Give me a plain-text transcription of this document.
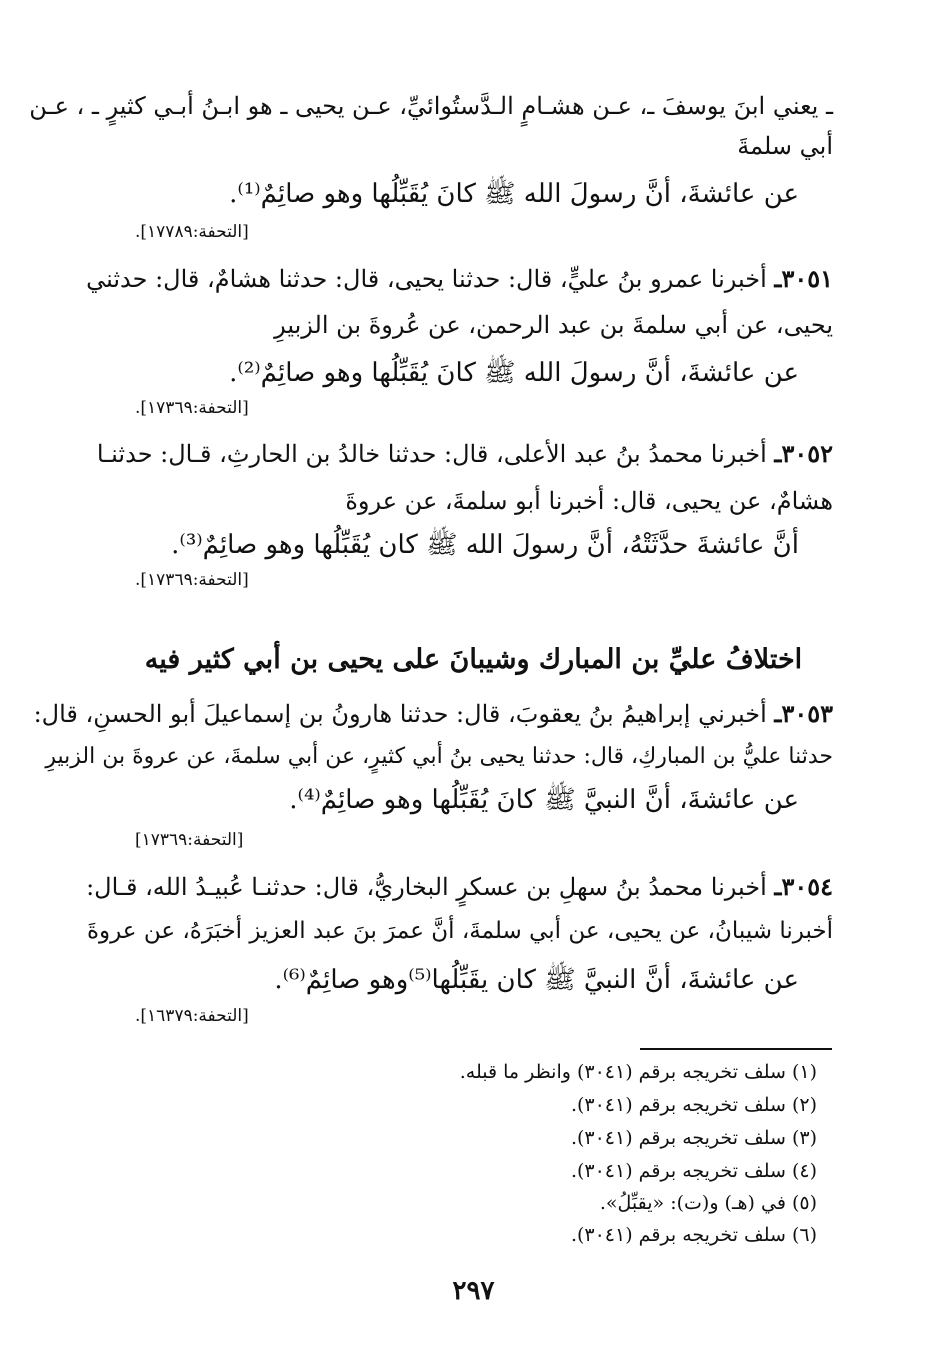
ـ يعني ابنَ يوسفَ ـ، عـن هشـامٍ الـدَّستُوائيِّ، عـن يحيى ـ هو ابـنُ أبـي كثيرٍ ـ ، عـن
أبي سلمةَ
عن عائشةَ، أنَّ رسولَ الله ﷺ كانَ يُقَبِّلُها وهو صائِمٌ⁽¹⁾.
[التحفة:١٧٧٨٩].
٣٠٥١ـ أخبرنا عمرو بنُ عليٍّ، قال: حدثنا يحيى، قال: حدثنا هشامٌ، قال: حدثني
يحيى، عن أبي سلمةَ بن عبد الرحمن، عن عُروةَ بن الزبيرِ
عن عائشةَ، أنَّ رسولَ الله ﷺ كانَ يُقَبِّلُها وهو صائِمٌ⁽²⁾.
[التحفة:١٧٣٦٩].
٣٠٥٢ـ أخبرنا محمدُ بنُ عبد الأعلى، قال: حدثنا خالدُ بن الحارثِ، قـال: حدثنـا
هشامٌ، عن يحيى، قال: أخبرنا أبو سلمةَ، عن عروةَ
أنَّ عائشةَ حدَّثَتْهُ، أنَّ رسولَ الله ﷺ كان يُقَبِّلُها وهو صائِمٌ⁽³⁾.
[التحفة:١٧٣٦٩].
اختلافُ عليِّ بن المبارك وشيبانَ على يحيى بن أبي كثير فيه
٣٠٥٣ـ أخبرني إبراهيمُ بنُ يعقوبَ، قال: حدثنا هارونُ بن إسماعيلَ أبو الحسنِ، قال:
حدثنا عليُّ بن المباركِ، قال: حدثنا يحيى بنُ أبي كثيرٍ، عن أبي سلمةَ، عن عروةَ بن الزبيرِ
عن عائشةَ، أنَّ النبيَّ ﷺ كانَ يُقَبِّلُها وهو صائِمٌ⁽⁴⁾.
[التحفة:١٧٣٦٩]
٣٠٥٤ـ أخبرنا محمدُ بنُ سهلِ بن عسكرٍ البخاريُّ، قال: حدثنـا عُبيـدُ الله، قـال:
أخبرنا شيبانُ، عن يحيى، عن أبي سلمةَ، أنَّ عمرَ بنَ عبد العزيز أخبَرَهُ، عن عروةَ
عن عائشةَ، أنَّ النبيَّ ﷺ كان يقَبِّلُها⁽⁵⁾وهو صائِمٌ⁽⁶⁾.
[التحفة:١٦٣٧٩].
(١) سلف تخريجه برقم (٣٠٤١) وانظر ما قبله.
(٢) سلف تخريجه برقم (٣٠٤١).
(٣) سلف تخريجه برقم (٣٠٤١).
(٤) سلف تخريجه برقم (٣٠٤١).
(٥) في (هـ) و(ت): «يقبِّلُ».
(٦) سلف تخريجه برقم (٣٠٤١).
٢٩٧
